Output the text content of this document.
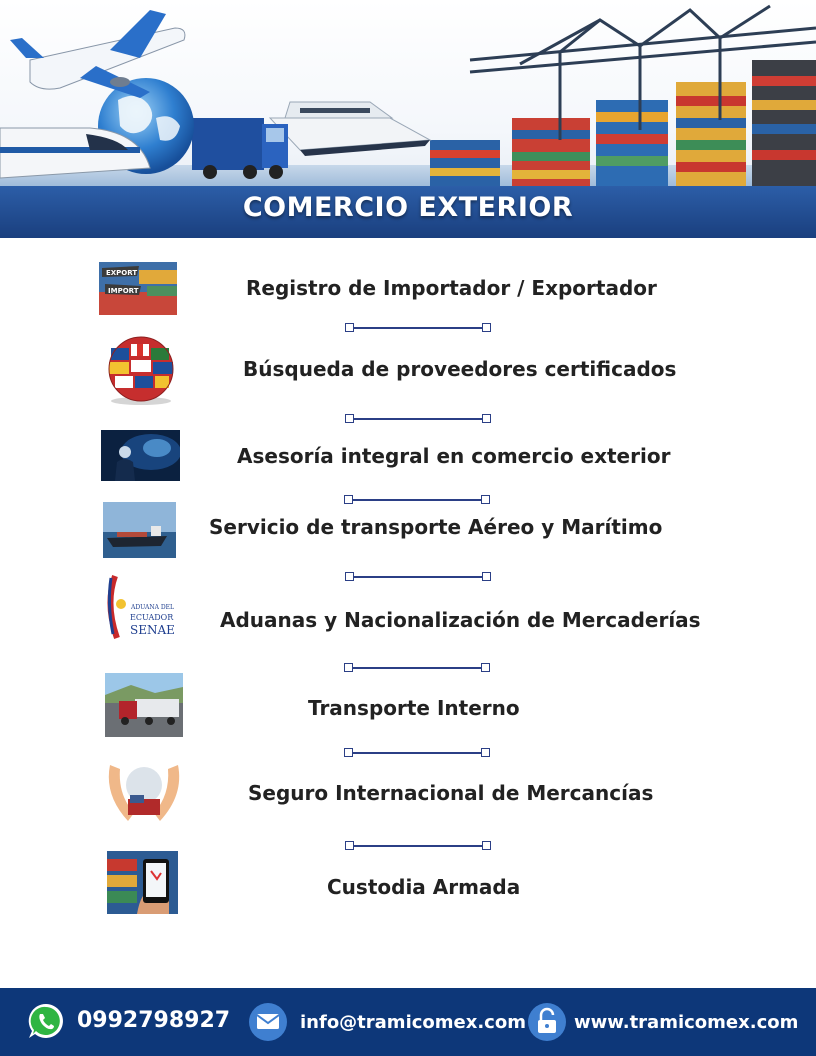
COMERCIO EXTERIOR
EXPORT
IMPORT	Registro de Importador / Exportador
Búsqueda de proveedores certificados
Asesoría integral en comercio exterior
Servicio de transporte Aéreo y Marítimo
ADUANA DEL
ECUADOR
SENAE Aduanas y Nacionalización de Mercaderías
Transporte Interno
Seguro Internacional de Mercancías
Custodia Armada
0992798927	info@tramicomex.com	www.tramicomex.com
